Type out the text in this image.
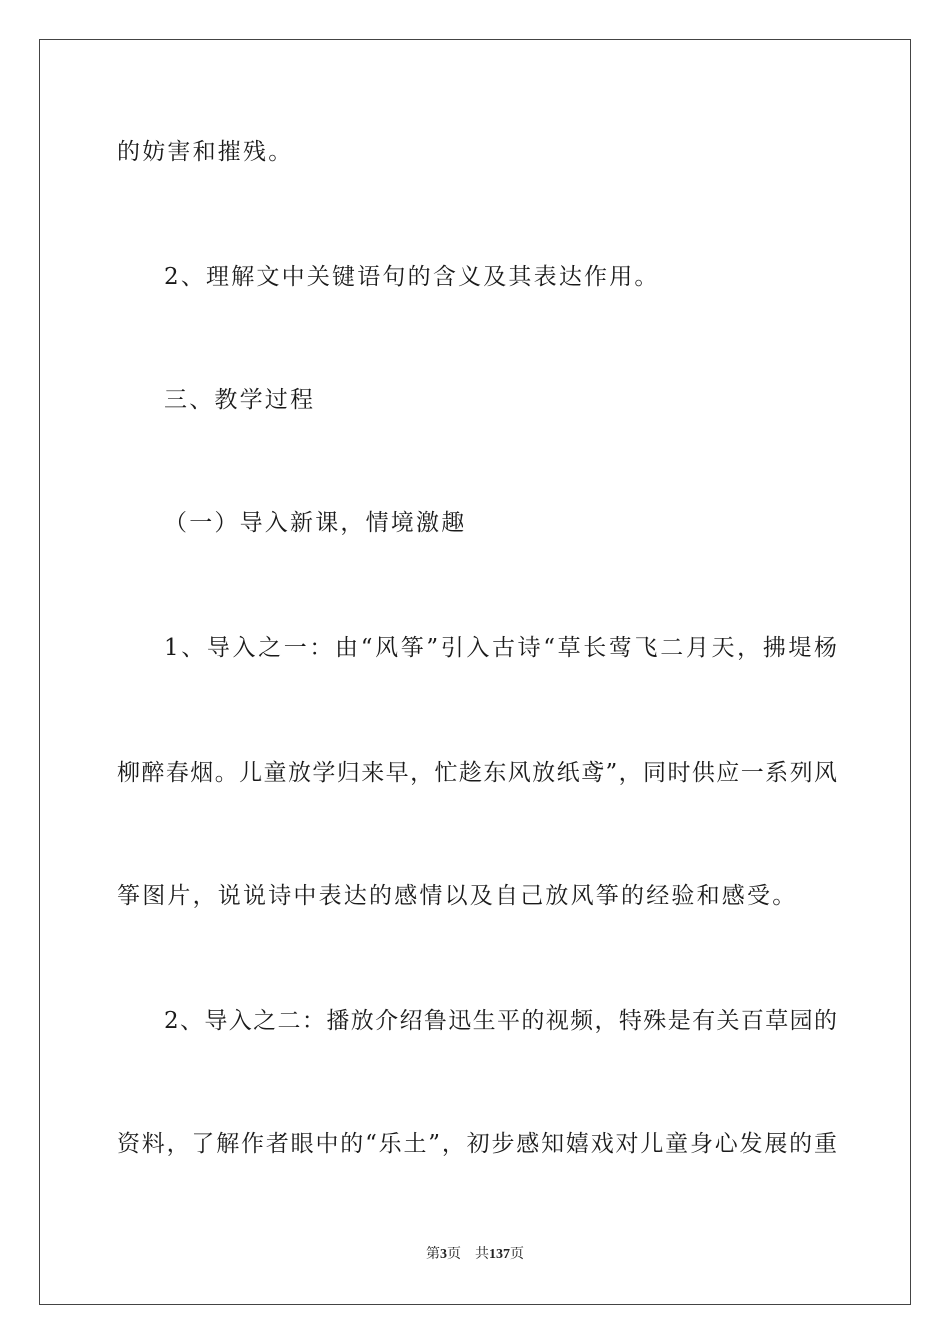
的妨害和摧残。
2、理解文中关键语句的含义及其表达作用。
三、教学过程
（一）导入新课，情境激趣
1、导入之一：由“风筝”引入古诗“草长莺飞二月天，拂堤杨
柳醉春烟。儿童放学归来早，忙趁东风放纸鸢”，同时供应一系列风
筝图片，说说诗中表达的感情以及自己放风筝的经验和感受。
2、导入之二：播放介绍鲁迅生平的视频，特殊是有关百草园的
资料，了解作者眼中的“乐土”，初步感知嬉戏对儿童身心发展的重
第3页 共137页
